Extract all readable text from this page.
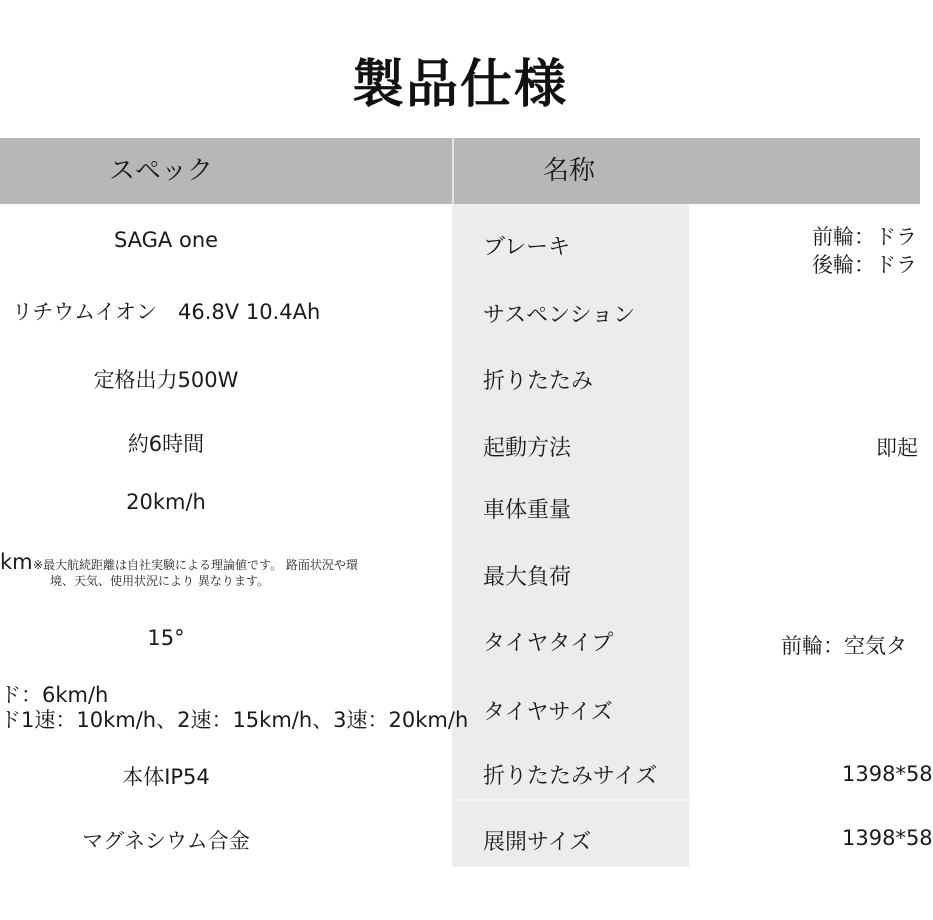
製品仕様
スペック	名称
SAGA one
リチウムイオン　46.8V 10.4Ah
定格出力500W
約6時間
20km/h
km ※最大航続距離は自社実験による理論値です。 路面状況や環
境、天気、使用状況により 異なります。
15°
ド：6km/h
ド1速：10km/h、2速：15km/h、3速：20km/h
本体IP54
マグネシウム合金
ブレーキ
サスペンション
折りたたみ
起動方法
車体重量
最大負荷
タイヤタイプ
タイヤサイズ
折りたたみサイズ
展開サイズ
前輪：ドラ
後輪：ドラ
即起
前輪：空気タ
1398*58
1398*58
